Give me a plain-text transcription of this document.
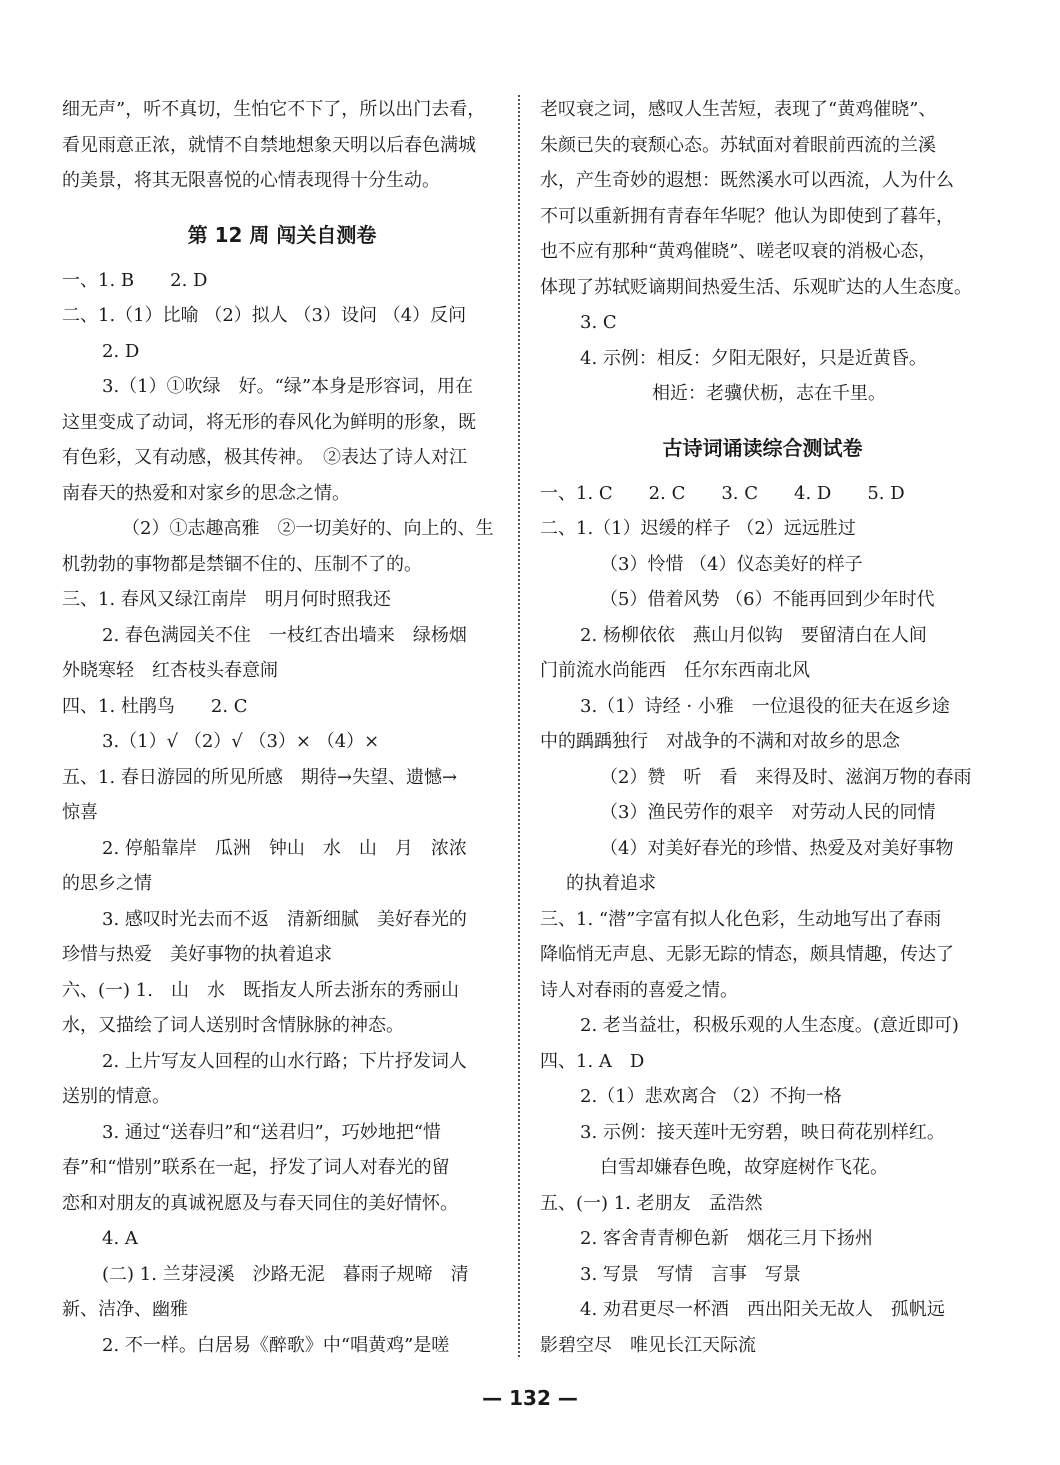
细无声”，听不真切，生怕它不下了，所以出门去看，
看见雨意正浓，就情不自禁地想象天明以后春色满城
的美景，将其无限喜悦的心情表现得十分生动。
第 12 周 闯关自测卷
一、1. B　　2. D
二、1.（1）比喻 （2）拟人 （3）设问 （4）反问
2. D
3.（1）①吹绿　好。“绿”本身是形容词，用在
这里变成了动词，将无形的春风化为鲜明的形象，既
有色彩，又有动感，极其传神。　②表达了诗人对江
南春天的热爱和对家乡的思念之情。
（2）①志趣高雅　②一切美好的、向上的、生
机勃勃的事物都是禁锢不住的、压制不了的。
三、1. 春风又绿江南岸　明月何时照我还
2. 春色满园关不住　一枝红杏出墙来　绿杨烟
外晓寒轻　红杏枝头春意闹
四、1. 杜鹃鸟　　2. C
3.（1）√ （2）√ （3）× （4）×
五、1. 春日游园的所见所感　期待→失望、遗憾→
惊喜
2. 停船靠岸　瓜洲　钟山　水　山　月　浓浓
的思乡之情
3. 感叹时光去而不返　清新细腻　美好春光的
珍惜与热爱　美好事物的执着追求
六、(一) 1.　山　水　既指友人所去浙东的秀丽山
水，又描绘了词人送别时含情脉脉的神态。
2. 上片写友人回程的山水行路；下片抒发词人
送别的情意。
3. 通过“送春归”和“送君归”，巧妙地把“惜
春”和“惜别”联系在一起，抒发了词人对春光的留
恋和对朋友的真诚祝愿及与春天同住的美好情怀。
4. A
(二) 1. 兰芽浸溪　沙路无泥　暮雨子规啼　清
新、洁净、幽雅
2. 不一样。白居易《醉歌》中“唱黄鸡”是嗟
老叹衰之词，感叹人生苦短，表现了“黄鸡催晓”、
朱颜已失的衰颓心态。苏轼面对着眼前西流的兰溪
水，产生奇妙的遐想：既然溪水可以西流，人为什么
不可以重新拥有青春年华呢？他认为即使到了暮年，
也不应有那种“黄鸡催晓”、嗟老叹衰的消极心态，
体现了苏轼贬谪期间热爱生活、乐观旷达的人生态度。
3. C
4. 示例：相反：夕阳无限好，只是近黄昏。
相近：老骥伏枥，志在千里。
古诗词诵读综合测试卷
一、1. C　　2. C　　3. C　　4. D　　5. D
二、1.（1）迟缓的样子 （2）远远胜过
（3）怜惜 （4）仪态美好的样子
（5）借着风势 （6）不能再回到少年时代
2. 杨柳依依　燕山月似钩　要留清白在人间
门前流水尚能西　任尔东西南北风
3.（1）诗经 · 小雅　一位退役的征夫在返乡途
中的踽踽独行　对战争的不满和对故乡的思念
（2）赞　听　看　来得及时、滋润万物的春雨
（3）渔民劳作的艰辛　对劳动人民的同情
（4）对美好春光的珍惜、热爱及对美好事物
的执着追求
三、1. “潜”字富有拟人化色彩，生动地写出了春雨
降临悄无声息、无影无踪的情态，颇具情趣，传达了
诗人对春雨的喜爱之情。
2. 老当益壮，积极乐观的人生态度。(意近即可)
四、1. A　D
2.（1）悲欢离合 （2）不拘一格
3. 示例：接天莲叶无穷碧，映日荷花别样红。
白雪却嫌春色晚，故穿庭树作飞花。
五、(一) 1. 老朋友　孟浩然
2. 客舍青青柳色新　烟花三月下扬州
3. 写景　写情　言事　写景
4. 劝君更尽一杯酒　西出阳关无故人　孤帆远
影碧空尽　唯见长江天际流
— 132 —
